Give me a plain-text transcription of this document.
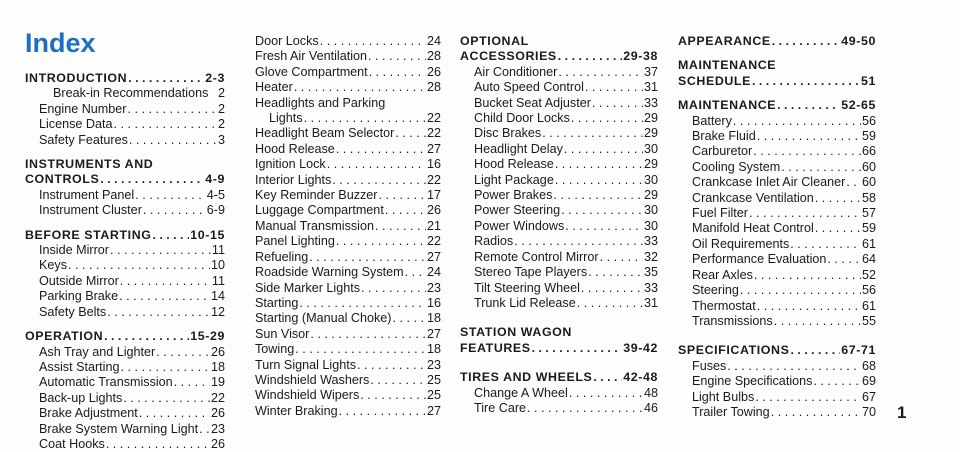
Index
INTRODUCTION . . .	2-3
Break-in Recommendations 2
Engine Number . . .	2
License Data . . .	2
Safety Features . . .	3
INSTRUMENTS AND
CONTROLS . . .	4-9
Instrument Panel . . .	4-5
Instrument Cluster . . .	6-9
BEFORE STARTING . . .	10-15
Inside Mirror . . .	11
Keys . . .	10
Outside Mirror . . .	11
Parking Brake . . .	14
Safety Belts . . .	12
OPERATION . . .	15-29
Ash Tray and Lighter . . .	26
Assist Starting . . .	18
Automatic Transmission . . .	19
Back-up Lights . . .	22
Brake Adjustment . . .	26
Brake System Warning Light . . . 23
Coat Hooks . . .	26
Door Locks . . .	24
Fresh Air Ventilation . . .	28
Glove Compartment . . .	26
Heater . . .	28
Headlights and Parking
Lights . . .	22
Headlight Beam Selector . . .	22
Hood Release . . .	27
Ignition Lock . . .	16
Interior Lights . . .	22
Key Reminder Buzzer . . .	17
Luggage Compartment . . .	26
Manual Transmission . . .	21
Panel Lighting . . .	22
Refueling . . .	27
Roadside Warning System . . . 24
Side Marker Lights . . .	23
Starting . . .	16
Starting (Manual Choke) . . .	18
Sun Visor . . .	27
Towing . . .	18
Turn Signal Lights . . .	23
Windshield Washers . . .	25
Windshield Wipers . . .	25
Winter Braking . . .	27
OPTIONAL
ACCESSORIES . . .	29-38
Air Conditioner . . .	37
Auto Speed Control . . .	31
Bucket Seat Adjuster . . .	33
Child Door Locks . . .	29
Disc Brakes . . .	29
Headlight Delay . . .	30
Hood Release . . .	29
Light Package . . .	30
Power Brakes . . .	29
Power Steering . . .	30
Power Windows . . .	30
Radios . . .	33
Remote Control Mirror . . .	32
Stereo Tape Players . . .	35
Tilt Steering Wheel . . .	33
Trunk Lid Release . . .	31
STATION WAGON
FEATURES . . .	39-42
TIRES AND WHEELS . . . 42-48
Change A Wheel . . .	48
Tire Care . . .	46
APPEARANCE . . .	49-50
MAINTENANCE
SCHEDULE . . .	51
MAINTENANCE . . .	52-65
Battery . . .	56
Brake Fluid . . .	59
Carburetor . . .	66
Cooling System . . .	60
Crankcase Inlet Air Cleaner . . . 60
Crankcase Ventilation . . .	58
Fuel Filter . . .	57
Manifold Heat Control . . .	59
Oil Requirements . . .	61
Performance Evaluation . . .	64
Rear Axles . . .	52
Steering . . .	56
Thermostat . . .	61
Transmissions . . .	55
SPECIFICATIONS . . .	67-71
Fuses . . .	68
Engine Specifications . . .	69
Light Bulbs . . .	67
Trailer Towing . . .	70 1
